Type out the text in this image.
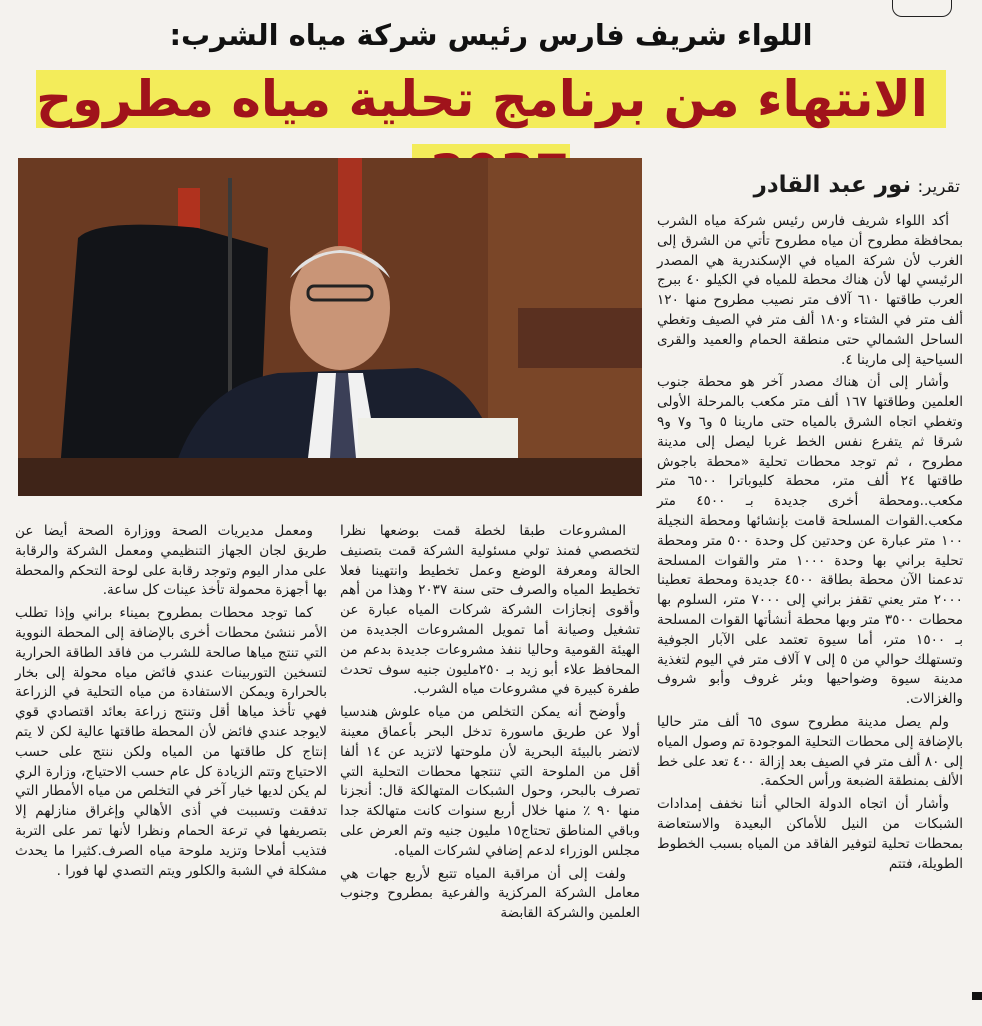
اللواء شريف فارس رئيس شركة مياه الشرب:
الانتهاء من برنامج تحلية مياه مطروح
تقرير: نور عبد القادر

أكد اللواء شريف فارس رئيس شركة مياه الشرب بمحافظة مطروح أن مياه مطروح تأتي من الشرق إلى الغرب لأن شركة المياه في الإسكندرية هي المصدر الرئيسي لها لأن هناك محطة للمياه في الكيلو ٤٠ ببرج العرب طاقتها ٦١٠ آلاف متر نصيب مطروح منها ١٢٠ ألف متر في الشتاء و١٨٠ ألف متر في الصيف وتغطي الساحل الشمالي حتى منطقة الحمام والعميد والقرى السياحية إلى مارينا ٤.

وأشار إلى أن هناك مصدر آخر هو محطة جنوب العلمين وطاقتها ١٦٧ ألف متر مكعب بالمرحلة الأولى وتغطي اتجاه الشرق بالمياه حتى مارينا ٥ و٦ و٧ و٩ شرقا ثم يتفرع نفس الخط غربا ليصل إلى مدينة مطروح ، ثم توجد محطات تحلية «محطة باجوش طاقتها ٢٤ ألف متر، محطة كليوباترا ٦٥٠٠ متر مكعب..ومحطة أخرى جديدة بـ ٤٥٠٠ متر مكعب.القوات المسلحة قامت بإنشائها ومحطة النجيلة ١٠٠ متر عبارة عن وحدتين كل وحدة ٥٠٠ متر ومحطة تحلية براني بها وحدة ١٠٠٠ متر والقوات المسلحة تدعمنا الآن محطة بطاقة ٤٥٠٠ جديدة ومحطة تعطينا ٢٠٠٠ متر يعني تقفز براني إلى ٧٠٠٠ متر، السلوم بها محطات ٣٥٠٠ متر وبها محطة أنشأتها القوات المسلحة بـ ١٥٠٠ متر، أما سيوة تعتمد على الآبار الجوفية وتستهلك حوالي من ٥ إلى ٧ آلاف متر في اليوم لتغذية مدينة سيوة وضواحيها وبئر غروف وأبو شروف والغزالات.

ولم يصل مدينة مطروح سوى ٦٥ ألف متر حاليا بالإضافة إلى محطات التحلية الموجودة تم وصول المياه إلى ٨٠ ألف متر في الصيف بعد إزالة ٤٠٠ تعد على خط الألف بمنطقة الضبعة ورأس الحكمة.

وأشار أن اتجاه الدولة الحالي أننا نخفف إمدادات الشبكات من النيل للأماكن البعيدة والاستعاضة بمحطات تحلية لتوفير الفاقد من المياه بسبب الخطوط الطويلة، فتتم

المشروعات طبقا لخطة قمت بوضعها نظرا لتخصصي فمنذ تولي مسئولية الشركة قمت بتصنيف الحالة ومعرفة الوضع وعمل تخطيط وانتهينا فعلا تخطيط المياه والصرف حتى سنة ٢٠٣٧ وهذا من أهم وأقوى إنجازات الشركة شركات المياه عبارة عن تشغيل وصيانة أما تمويل المشروعات الجديدة من الهيئة القومية وحاليا ننفذ مشروعات جديدة بدعم من المحافظ علاء أبو زيد بـ ٢٥٠مليون جنيه سوف تحدث طفرة كبيرة في مشروعات مياه الشرب.

وأوضح أنه يمكن التخلص من مياه علوش هندسيا أولا عن طريق ماسورة تدخل البحر بأعماق معينة لاتضر بالبيئة البحرية لأن ملوحتها لاتزيد عن ١٤ ألفا أقل من الملوحة التي تنتجها محطات التحلية التي تصرف بالبحر، وحول الشبكات المتهالكة قال: أنجزنا منها ٩٠ ٪ منها خلال أربع سنوات كانت متهالكة جدا وباقي المناطق تحتاج١٥ مليون جنيه وتم العرض على مجلس الوزراء لدعم إضافي لشركات المياه.

ولفت إلى أن مراقبة المياه تتبع لأربع جهات هي معامل الشركة المركزية والفرعية بمطروح وجنوب العلمين والشركة القابضة

ومعمل مديريات الصحة ووزارة الصحة أيضا عن طريق لجان الجهاز التنظيمي ومعمل الشركة والرقابة على مدار اليوم وتوجد رقابة على لوحة التحكم والمحطة بها أجهزة محمولة تأخذ عينات كل ساعة.

كما توجد محطات بمطروح بميناء براني وإذا تطلب الأمر ننشئ محطات أخرى بالإضافة إلى المحطة النووية التي تنتج مياها صالحة للشرب من فاقد الطاقة الحرارية لتسخين التوربينات عندي فائض مياه محولة إلى بخار بالحرارة ويمكن الاستفادة من مياه التحلية في الزراعة فهي تأخذ مياها أقل وتنتج زراعة بعائد اقتصادي قوي لايوجد عندي فائض لأن المحطة طاقتها عالية لكن لا يتم إنتاج كل طاقتها من المياه ولكن ننتج على حسب الاحتياج وتتم الزيادة كل عام حسب الاحتياج، وزارة الري لم يكن لديها خيار آخر في التخلص من مياه الأمطار التي تدفقت وتسببت في أذى الأهالي وإغراق منازلهم إلا بتصريفها في ترعة الحمام ونظرا لأنها تمر على التربة فتذيب أملاحا وتزيد ملوحة مياه الصرف.كثيرا ما يحدث مشكلة في الشبة والكلور ويتم التصدي لها فورا .
